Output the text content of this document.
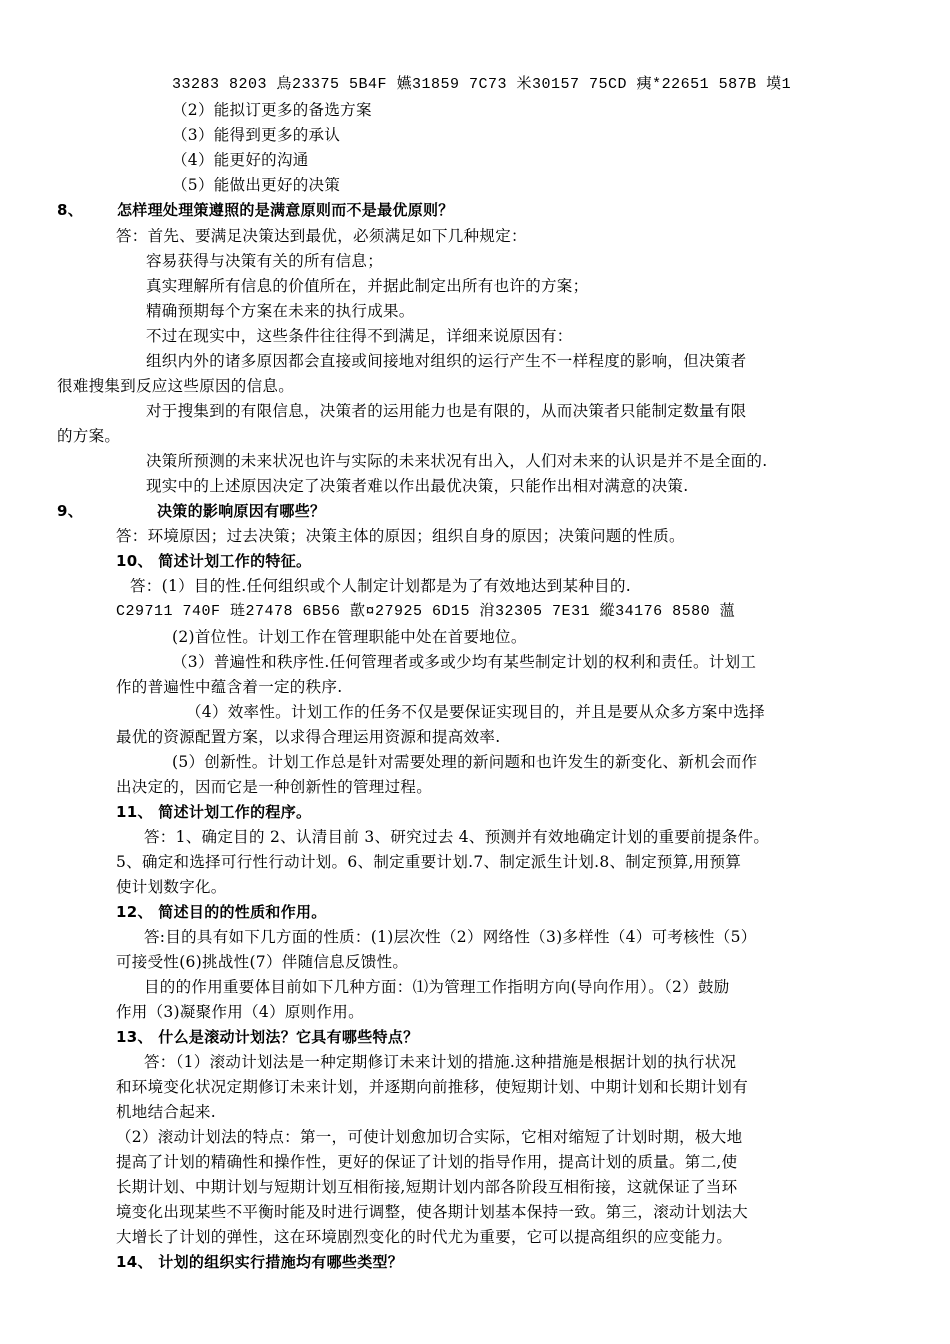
33283 8203 鳥23375 5B4F 嬿31859 7C73 米30157 75CD 痍*22651 587B 塻1
（2）能拟订更多的备选方案
（3）能得到更多的承认
（4）能更好的沟通
（5）能做出更好的决策
8、 怎样理处理策遵照的是满意原则而不是最优原则？
答：首先、要满足决策达到最优，必须满足如下几种规定：
容易获得与决策有关的所有信息；
真实理解所有信息的价值所在，并据此制定出所有也许的方案；
精确预期每个方案在未来的执行成果。
不过在现实中，这些条件往往得不到满足，详细来说原因有：
组织内外的诸多原因都会直接或间接地对组织的运行产生不一样程度的影响，但决策者
很难搜集到反应这些原因的信息。
对于搜集到的有限信息，决策者的运用能力也是有限的，从而决策者只能制定数量有限
的方案。
决策所预测的未来状况也许与实际的未来状况有出入，人们对未来的认识是并不是全面的.
现实中的上述原因决定了决策者难以作出最优决策，只能作出相对满意的决策.
9、	决策的影响原因有哪些？
答：环境原因；过去决策；决策主体的原因；组织自身的原因；决策问题的性质。
10、 简述计划工作的特征。
答：(1）目的性.任何组织或个人制定计划都是为了有效地达到某种目的.
C29711 740F 琏27478 6B56 歖¤27925 6D15 洕32305 7E31 縱34176 8580 薀
(2)首位性。计划工作在管理职能中处在首要地位。
（3）普遍性和秩序性.任何管理者或多或少均有某些制定计划的权利和责任。计划工
作的普遍性中蕴含着一定的秩序.
（4）效率性。计划工作的任务不仅是要保证实现目的，并且是要从众多方案中选择
最优的资源配置方案，以求得合理运用资源和提高效率.
(5）创新性。计划工作总是针对需要处理的新问题和也许发生的新变化、新机会而作
出决定的，因而它是一种创新性的管理过程。
11、 简述计划工作的程序。
答：1、确定目的 2、认清目前 3、研究过去 4、预测并有效地确定计划的重要前提条件。
5、确定和选择可行性行动计划。6、制定重要计划.7、制定派生计划.8、制定预算,用预算
使计划数字化。
12、 简述目的的性质和作用。
答:目的具有如下几方面的性质：(1)层次性（2）网络性（3)多样性（4）可考核性（5）
可接受性(6)挑战性(7）伴随信息反馈性。
目的的作用重要体目前如下几种方面：⑴为管理工作指明方向(导向作用）。（2）鼓励
作用（3)凝聚作用（4）原则作用。
13、 什么是滚动计划法？它具有哪些特点？
答：（1）滚动计划法是一种定期修订未来计划的措施.这种措施是根据计划的执行状况
和环境变化状况定期修订未来计划，并逐期向前推移，使短期计划、中期计划和长期计划有
机地结合起来.
（2）滚动计划法的特点：第一，可使计划愈加切合实际，它相对缩短了计划时期，极大地
提高了计划的精确性和操作性，更好的保证了计划的指导作用，提高计划的质量。第二,使
长期计划、中期计划与短期计划互相衔接,短期计划内部各阶段互相衔接，这就保证了当环
境变化出现某些不平衡时能及时进行调整，使各期计划基本保持一致。第三，滚动计划法大
大增长了计划的弹性，这在环境剧烈变化的时代尤为重要，它可以提高组织的应变能力。
14、 计划的组织实行措施均有哪些类型？
